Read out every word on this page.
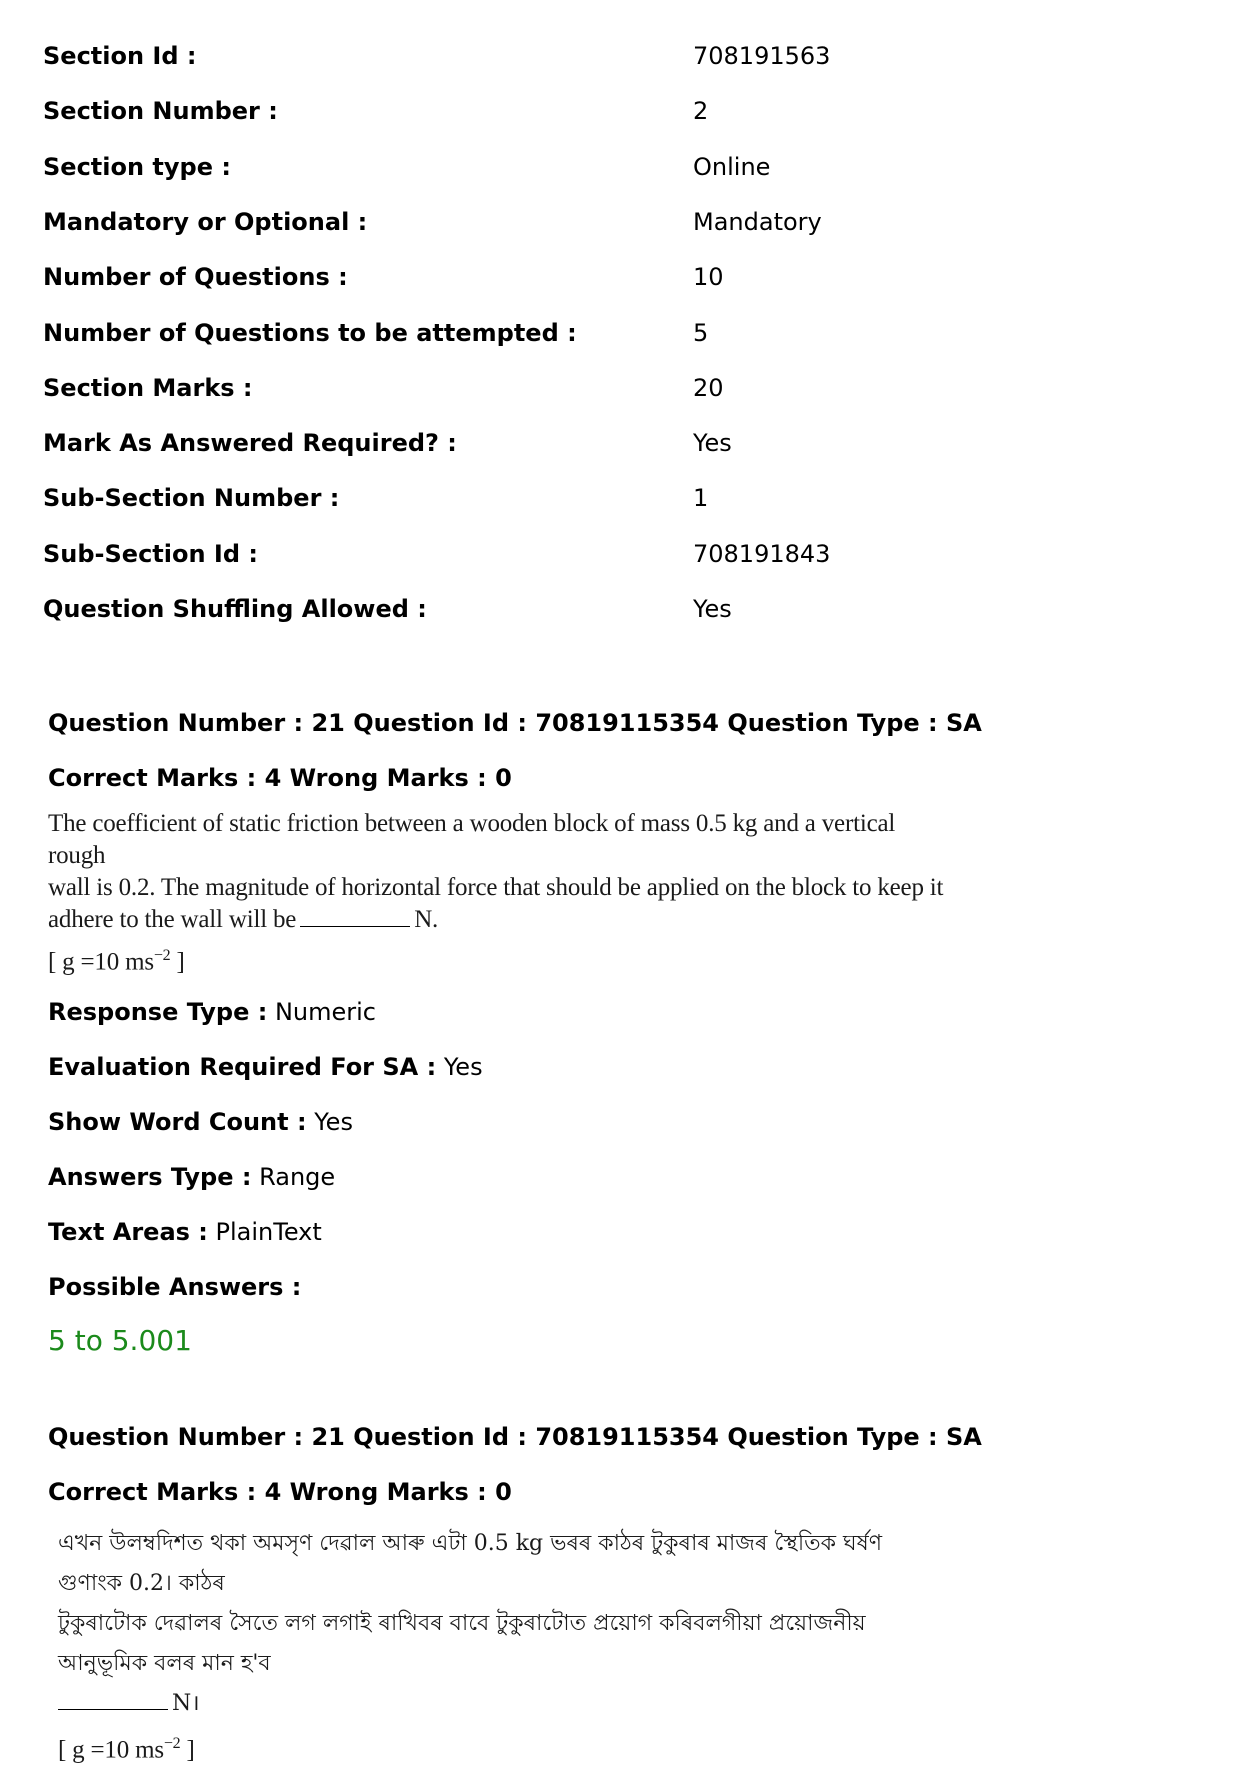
Section Id :	708191563
Section Number :	2
Section type :	Online
Mandatory or Optional :	Mandatory
Number of Questions :	10
Number of Questions to be attempted :	5
Section Marks :	20
Mark As Answered Required? :	Yes
Sub-Section Number :	1
Sub-Section Id :	708191843
Question Shuffling Allowed :	Yes
Question Number : 21 Question Id : 70819115354 Question Type : SA
Correct Marks : 4 Wrong Marks : 0
The coefficient of static friction between a wooden block of mass 0.5 kg and a vertical rough
wall is 0.2. The magnitude of horizontal force that should be applied on the block to keep it
adhere to the wall will be	N.
[ g =10 $ms^{-2}$ ]
Response Type : Numeric
Evaluation Required For SA : Yes
Show Word Count : Yes
Answers Type : Range
Text Areas : PlainText
Possible Answers :
5 to 5.001
Question Number : 21 Question Id : 70819115354 Question Type : SA
Correct Marks : 4 Wrong Marks : 0
এখন উলম্বদিশত থকা অমসৃণ দেৱাল আৰু এটা 0.5 kg ভৰৰ কাঠৰ টুকুৰাৰ মাজৰ স্থৈতিক ঘৰ্ষণ গুণাংক 0.2। কাঠৰ
টুকুৰাটোক দেৱালৰ সৈতে লগ লগাই ৰাখিবৰ বাবে টুকুৰাটোত প্ৰয়োগ কৰিবলগীয়া প্ৰয়োজনীয় আনুভূমিক বলৰ মান হ'ব
N।
[ g =10 $ms^{-2}$ ]
